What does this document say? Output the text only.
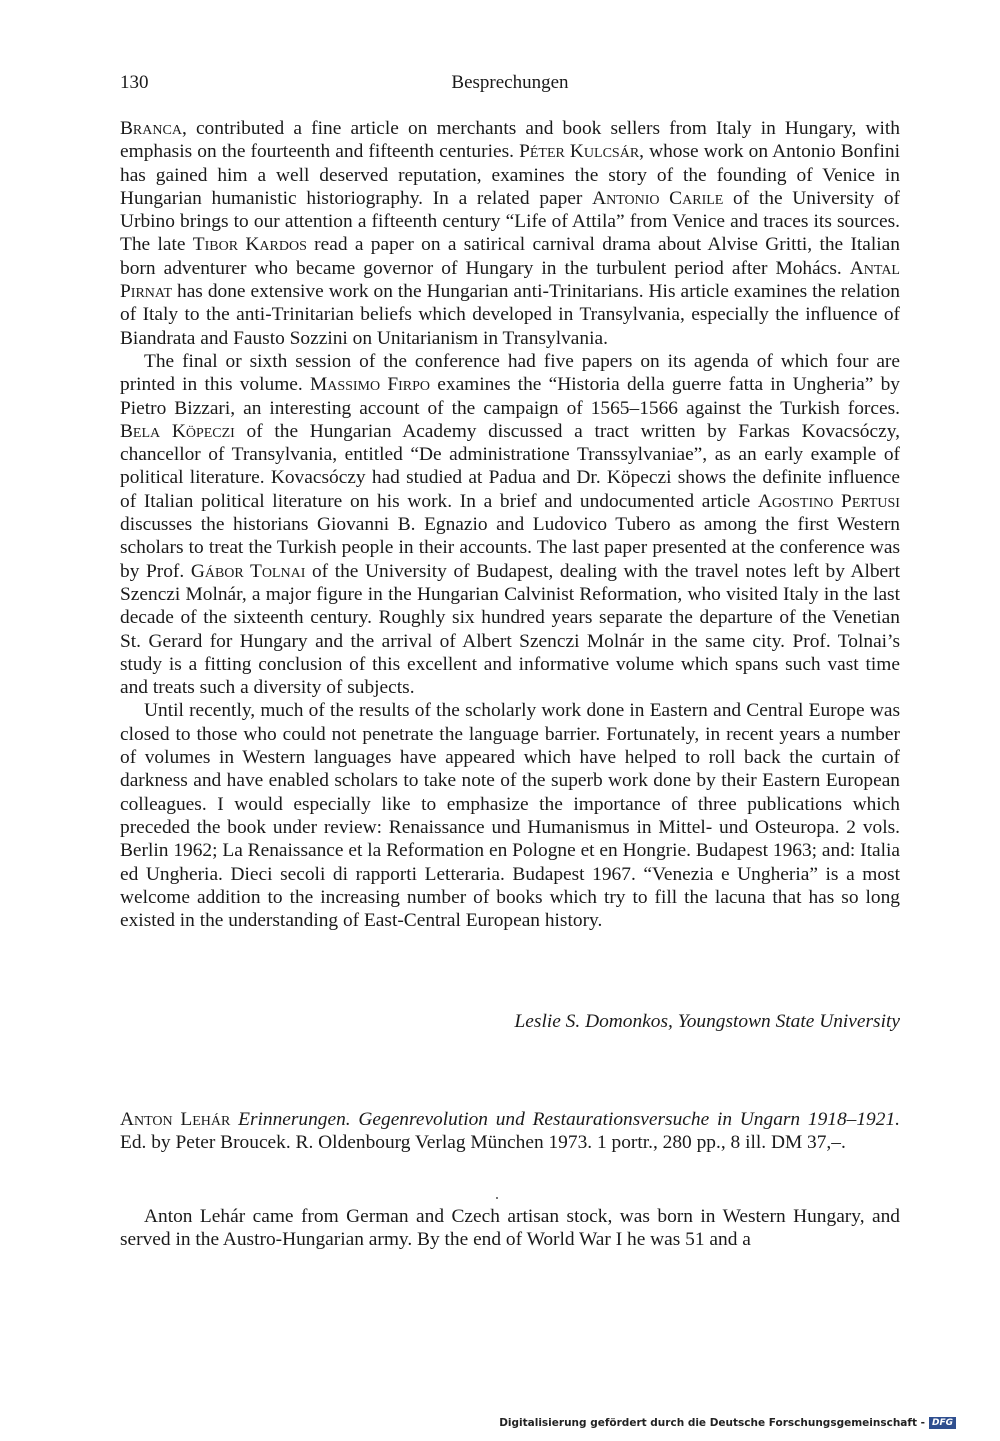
130	Besprechungen

Branca, contributed a fine article on merchants and book sellers from Italy in Hungary, with emphasis on the fourteenth and fifteenth centuries. Péter Kulcsár, whose work on Antonio Bonfini has gained him a well deserved reputation, examines the story of the founding of Venice in Hungarian humanistic historiography. In a related paper Antonio Carile of the University of Urbino brings to our attention a fifteenth century “Life of Attila” from Venice and traces its sources. The late Tibor Kardos read a paper on a satirical carnival drama about Alvise Gritti, the Italian born adventurer who became governor of Hungary in the turbulent period after Mohács. Antal Pirnat has done extensive work on the Hungarian anti-Trinitarians. His article examines the relation of Italy to the anti-Trinitarian beliefs which developed in Transylvania, especially the influence of Biandrata and Fausto Sozzini on Unitarianism in Transylvania.

The final or sixth session of the conference had five papers on its agenda of which four are printed in this volume. Massimo Firpo examines the “Historia della guerre fatta in Ungheria” by Pietro Bizzari, an interesting account of the campaign of 1565–1566 against the Turkish forces. Bela Köpeczi of the Hungarian Academy discussed a tract written by Farkas Kovacsóczy, chancellor of Transylvania, entitled “De administratione Transsylvaniae”, as an early example of political literature. Kovacsóczy had studied at Padua and Dr. Köpeczi shows the definite influence of Italian political literature on his work. In a brief and undocumented article Agostino Pertusi discusses the historians Giovanni B. Egnazio and Ludovico Tubero as among the first Western scholars to treat the Turkish people in their accounts. The last paper presented at the conference was by Prof. Gábor Tolnai of the University of Budapest, dealing with the travel notes left by Albert Szenczi Molnár, a major figure in the Hungarian Calvinist Reformation, who visited Italy in the last decade of the sixteenth century. Roughly six hundred years separate the departure of the Venetian St. Gerard for Hungary and the arrival of Albert Szenczi Molnár in the same city. Prof. Tolnai’s study is a fitting conclusion of this excellent and informative volume which spans such vast time and treats such a diversity of subjects.

Until recently, much of the results of the scholarly work done in Eastern and Central Europe was closed to those who could not penetrate the language barrier. Fortunately, in recent years a number of volumes in Western languages have appeared which have helped to roll back the curtain of darkness and have enabled scholars to take note of the superb work done by their Eastern European colleagues. I would especially like to emphasize the importance of three publications which preceded the book under review: Renaissance und Humanismus in Mittel- und Osteuropa. 2 vols. Berlin 1962; La Renaissance et la Reformation en Pologne et en Hongrie. Budapest 1963; and: Italia ed Ungheria. Dieci secoli di rapporti Letteraria. Budapest 1967. “Venezia e Ungheria” is a most welcome addition to the increasing number of books which try to fill the lacuna that has so long existed in the understanding of East-Central European history.

Leslie S. Domonkos, Youngstown State University

Anton Lehár Erinnerungen. Gegenrevolution und Restaurationsversuche in Ungarn 1918–1921. Ed. by Peter Broucek. R. Oldenbourg Verlag München 1973. 1 portr., 280 pp., 8 ill. DM 37,–.

Anton Lehár came from German and Czech artisan stock, was born in Western Hungary, and served in the Austro-Hungarian army. By the end of World War I he was 51 and a

Digitalisierung gefördert durch die Deutsche Forschungsgemeinschaft - DFG
